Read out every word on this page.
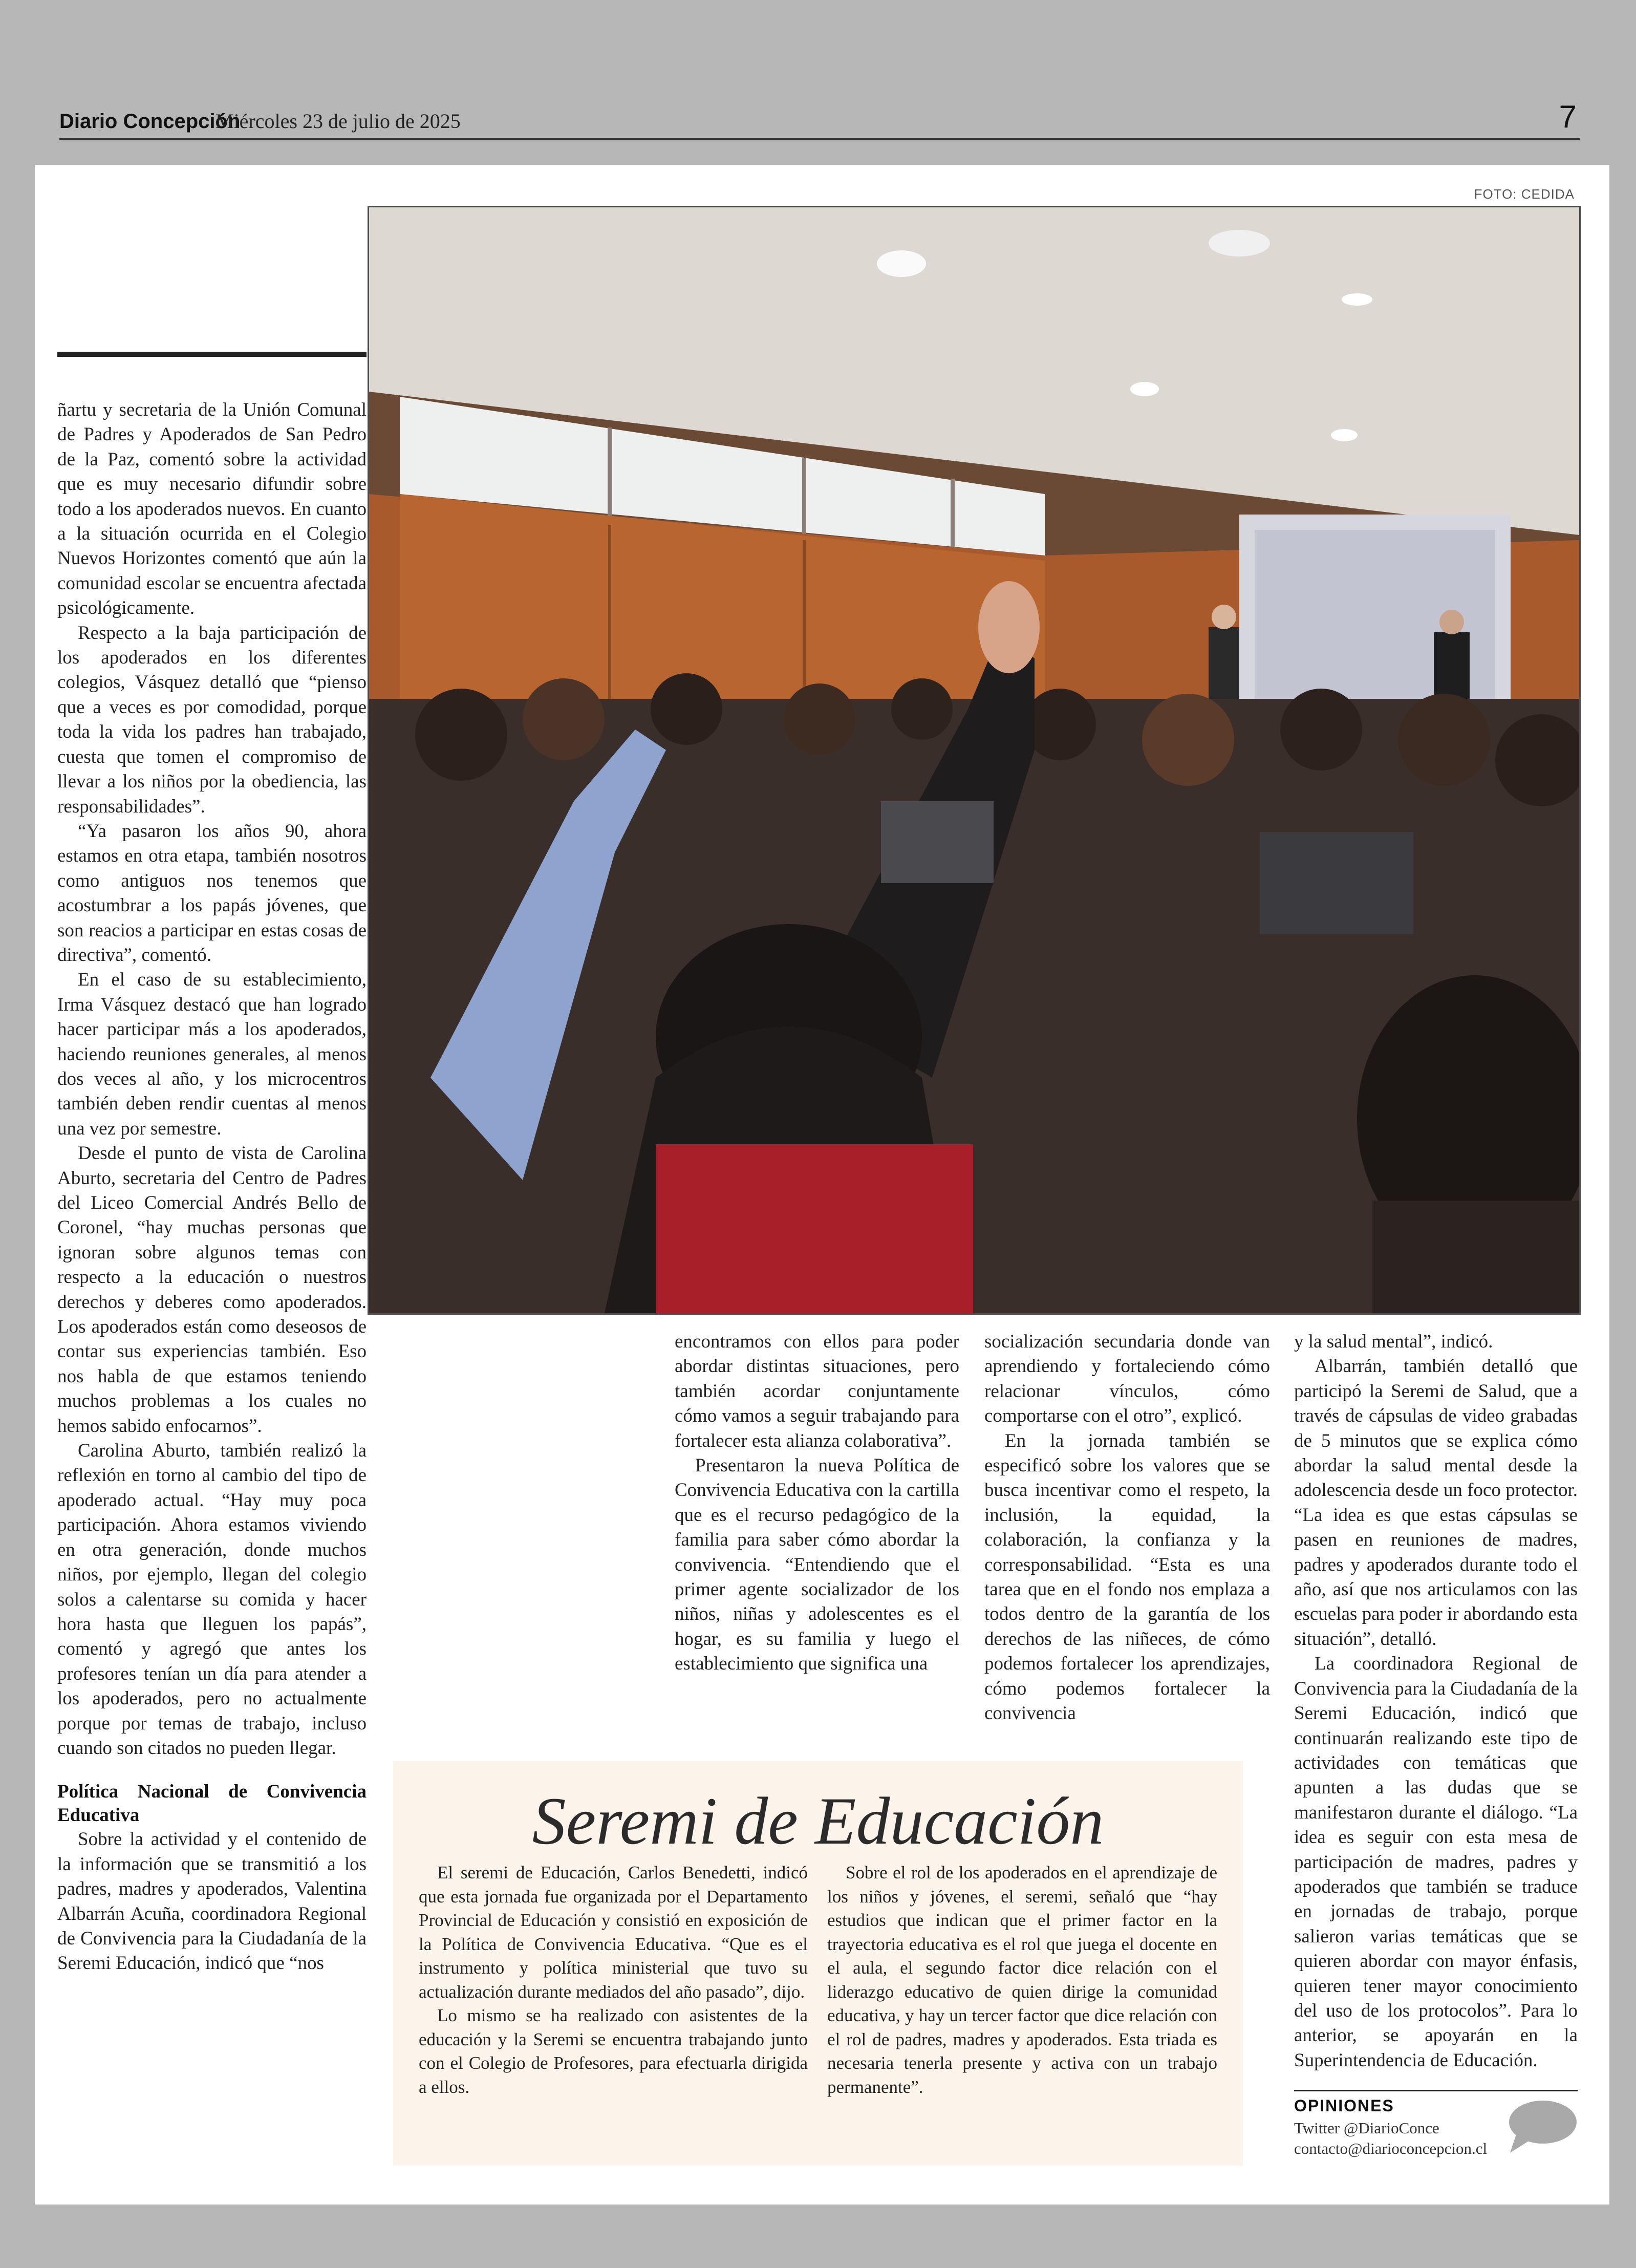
Diario Concepción
Miércoles 23 de julio de 2025	7
FOTO: CEDIDA

ñartu y secretaria de la Unión Comunal de Padres y Apoderados de San Pedro de la Paz, comentó sobre la actividad que es muy necesario difundir sobre todo a los apoderados nuevos. En cuanto a la situación ocurrida en el Colegio Nuevos Horizontes comentó que aún la comunidad escolar se encuentra afectada psicológicamente.

Respecto a la baja participación de los apoderados en los diferentes colegios, Vásquez detalló que “pienso que a veces es por comodidad, porque toda la vida los padres han trabajado, cuesta que tomen el compromiso de llevar a los niños por la obediencia, las responsabilidades”.

“Ya pasaron los años 90, ahora estamos en otra etapa, también nosotros como antiguos nos tenemos que acostumbrar a los papás jóvenes, que son reacios a participar en estas cosas de directiva”, comentó.

En el caso de su establecimiento, Irma Vásquez destacó que han logrado hacer participar más a los apoderados, haciendo reuniones generales, al menos dos veces al año, y los microcentros también deben rendir cuentas al menos una vez por semestre.

Desde el punto de vista de Carolina Aburto, secretaria del Centro de Padres del Liceo Comercial Andrés Bello de Coronel, “hay muchas personas que ignoran sobre algunos temas con respecto a la educación o nuestros derechos y deberes como apoderados. Los apoderados están como deseosos de contar sus experiencias también. Eso nos habla de que estamos teniendo muchos problemas a los cuales no hemos sabido enfocarnos”.

Carolina Aburto, también realizó la reflexión en torno al cambio del tipo de apoderado actual. “Hay muy poca participación. Ahora estamos viviendo en otra generación, donde muchos niños, por ejemplo, llegan del colegio solos a calentarse su comida y hacer hora hasta que lleguen los papás”, comentó y agregó que antes los profesores tenían un día para atender a los apoderados, pero no actualmente porque por temas de trabajo, incluso cuando son citados no pueden llegar.

Política Nacional de Convivencia Educativa

Sobre la actividad y el contenido de la información que se transmitió a los padres, madres y apoderados, Valentina Albarrán Acuña, coordinadora Regional de Convivencia para la Ciudadanía de la Seremi Educación, indicó que “nos

encontramos con ellos para poder abordar distintas situaciones, pero también acordar conjuntamente cómo vamos a seguir trabajando para fortalecer esta alianza colaborativa”.

Presentaron la nueva Política de Convivencia Educativa con la cartilla que es el recurso pedagógico de la familia para saber cómo abordar la convivencia. “Entendiendo que el primer agente socializador de los niños, niñas y adolescentes es el hogar, es su familia y luego el establecimiento que significa una

socialización secundaria donde van aprendiendo y fortaleciendo cómo relacionar vínculos, cómo comportarse con el otro”, explicó.

En la jornada también se especificó sobre los valores que se busca incentivar como el respeto, la inclusión, la equidad, la colaboración, la confianza y la corresponsabilidad. “Esta es una tarea que en el fondo nos emplaza a todos dentro de la garantía de los derechos de las niñeces, de cómo podemos fortalecer los aprendizajes, cómo podemos fortalecer la convivencia

y la salud mental”, indicó.

Albarrán, también detalló que participó la Seremi de Salud, que a través de cápsulas de video grabadas de 5 minutos que se explica cómo abordar la salud mental desde la adolescencia desde un foco protector. “La idea es que estas cápsulas se pasen en reuniones de madres, padres y apoderados durante todo el año, así que nos articulamos con las escuelas para poder ir abordando esta situación”, detalló.

La coordinadora Regional de Convivencia para la Ciudadanía de la Seremi Educación, indicó que continuarán realizando este tipo de actividades con temáticas que apunten a las dudas que se manifestaron durante el diálogo. “La idea es seguir con esta mesa de participación de madres, padres y apoderados que también se traduce en jornadas de trabajo, porque salieron varias temáticas que se quieren abordar con mayor énfasis, quieren tener mayor conocimiento del uso de los protocolos”. Para lo anterior, se apoyarán en la Superintendencia de Educación.

Seremi de Educación

El seremi de Educación, Carlos Benedetti, indicó que esta jornada fue organizada por el Departamento Provincial de Educación y consistió en exposición de la Política de Convivencia Educativa. “Que es el instrumento y política ministerial que tuvo su actualización durante mediados del año pasado”, dijo.

Lo mismo se ha realizado con asistentes de la educación y la Seremi se encuentra trabajando junto con el Colegio de Profesores, para efectuarla dirigida a ellos.

Sobre el rol de los apoderados en el aprendizaje de los niños y jóvenes, el seremi, señaló que “hay estudios que indican que el primer factor en la trayectoria educativa es el rol que juega el docente en el aula, el segundo factor dice relación con el liderazgo educativo de quien dirige la comunidad educativa, y hay un tercer factor que dice relación con el rol de padres, madres y apoderados. Esta triada es necesaria tenerla presente y activa con un trabajo permanente”.

OPINIONES
Twitter @DiarioConce
contacto@diarioconcepcion.cl
